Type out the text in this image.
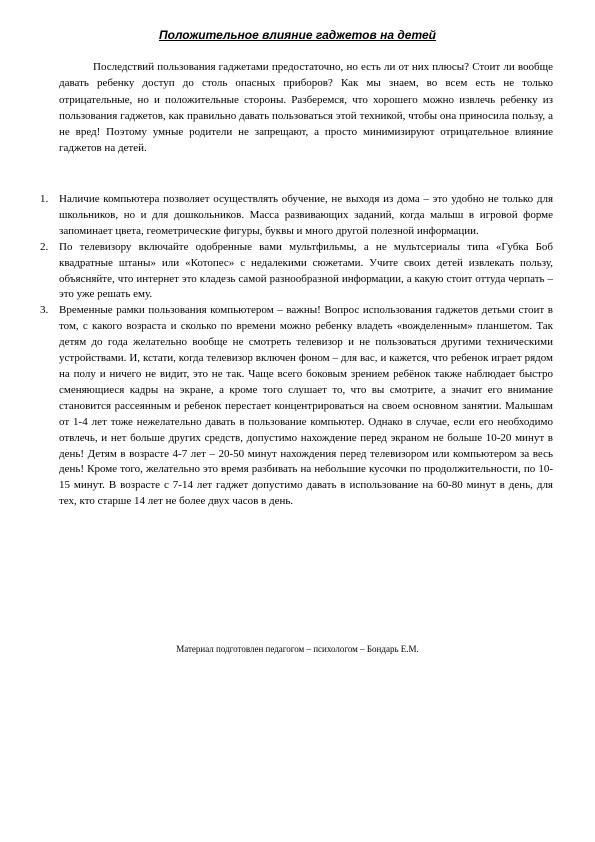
Положительное влияние гаджетов на детей

Последствий пользования гаджетами предостаточно, но есть ли от них плюсы? Стоит ли вообще давать ребенку доступ до столь опасных приборов? Как мы знаем, во всем есть не только отрицательные, но и положительные стороны. Разберемся, что хорошего можно извлечь ребенку из пользования гаджетов, как правильно давать пользоваться этой техникой, чтобы она приносила пользу, а не вред! Поэтому умные родители не запрещают, а просто минимизируют отрицательное влияние гаджетов на детей.

1. Наличие компьютера позволяет осуществлять обучение, не выходя из дома – это удобно не только для школьников, но и для дошкольников. Масса развивающих заданий, когда малыш в игровой форме запоминает цвета, геометрические фигуры, буквы и много другой полезной информации.
2. По телевизору включайте одобренные вами мультфильмы, а не мультсериалы типа «Губка Боб квадратные штаны» или «Котопес» с недалекими сюжетами. Учите своих детей извлекать пользу, объясняйте, что интернет это кладезь самой разнообразной информации, а какую стоит оттуда черпать – это уже решать ему.
3. Временные рамки пользования компьютером – важны! Вопрос использования гаджетов детьми стоит в том, с какого возраста и сколько по времени можно ребенку владеть «вожделенным» планшетом. Так детям до года желательно вообще не смотреть телевизор и не пользоваться другими техническими устройствами. И, кстати, когда телевизор включен фоном – для вас, и кажется, что ребенок играет рядом на полу и ничего не видит, это не так. Чаще всего боковым зрением ребёнок также наблюдает быстро сменяющиеся кадры на экране, а кроме того слушает то, что вы смотрите, а значит его внимание становится рассеянным и ребенок перестает концентрироваться на своем основном занятии. Малышам от 1-4 лет тоже нежелательно давать в пользование компьютер. Однако в случае, если его необходимо отвлечь, и нет больше других средств, допустимо нахождение перед экраном не больше 10-20 минут в день! Детям в возрасте 4-7 лет – 20-50 минут нахождения перед телевизором или компьютером за весь день! Кроме того, желательно это время разбивать на небольшие кусочки по продолжительности, по 10-15 минут. В возрасте с 7-14 лет гаджет допустимо давать в использование на 60-80 минут в день, для тех, кто старше 14 лет не более двух часов в день.
Материал подготовлен педагогом – психологом – Бондарь Е.М.
